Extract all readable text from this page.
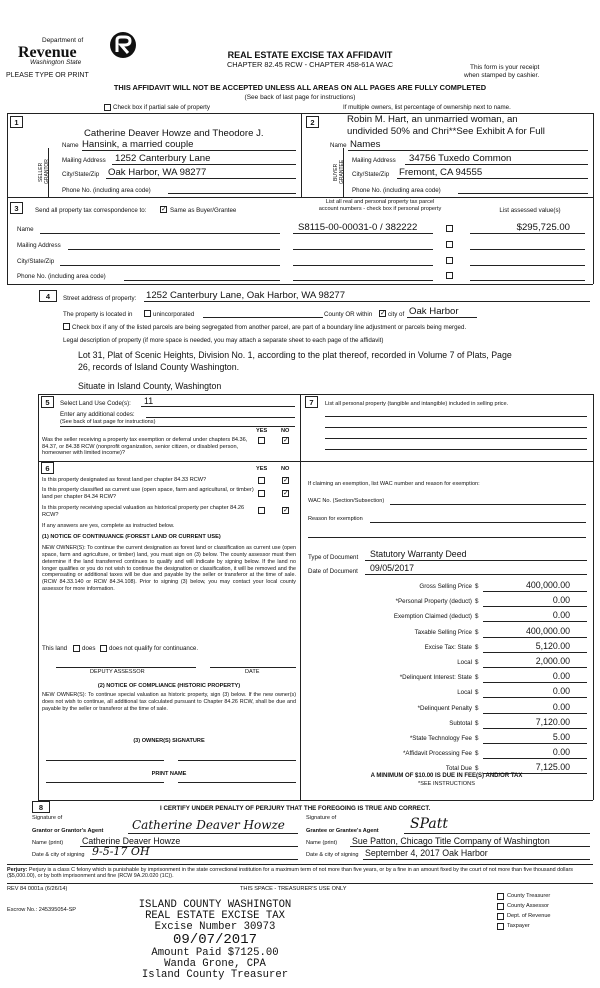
Department of
Revenue
Washington State
PLEASE TYPE OR PRINT
REAL ESTATE EXCISE TAX AFFIDAVIT
CHAPTER 82.45 RCW - CHAPTER 458-61A WAC	This form is your receipt
when stamped by cashier.
THIS AFFIDAVIT WILL NOT BE ACCEPTED UNLESS ALL AREAS ON ALL PAGES ARE FULLY COMPLETED
(See back of last page for instructions)
Check box if partial sale of property	If multiple owners, list percentage of ownership next to name.
1
SELLER GRANTOR
Catherine Deaver Howze and Theodore J.
Name Hansink, a married couple
Mailing Address 1252 Canterbury Lane
City/State/Zip Oak Harbor, WA 98277
Phone No. (including area code)
2
BUYER GRANTEE
Robin M. Hart, an unmarried woman, an
undivided 50% and Chri**See Exhibit A for Full
Name Names
Mailing Address 34756 Tuxedo Common
City/State/Zip Fremont, CA 94555
Phone No. (including area code)
3	Send all property tax correspondence to: ✓ Same as Buyer/Grantee
List all real and personal property tax parcel
account numbers - check box if personal property	List assessed value(s)
Name
Mailing Address
City/State/Zip
Phone No. (including area code)
S8115-00-00031-0 / 382222	$295,725.00
4	Street address of property: 1252 Canterbury Lane, Oak Harbor, WA 98277
The property is located in	unincorporated	County OR within ✓ city of Oak Harbor
Check box if any of the listed parcels are being segregated from another parcel, are part of a boundary line adjustment or parcels being merged.
Legal description of property (if more space is needed, you may attach a separate sheet to each page of the affidavit)
Lot 31, Plat of Scenic Heights, Division No. 1, according to the plat thereof, recorded in Volume 7 of Plats, Page
26, records of Island County Washington.
Situate in Island County, Washington
5	Select Land Use Code(s): 11
Enter any additional codes:
(See back of last page for instructions)
YES NO
Was the seller receiving a property tax exemption or deferral under chapters 84.36, 84.37, or 84.38 RCW (nonprofit organization, senior citizen, or disabled person, homeowner with limited income)?
✓
6	YES NO
Is this property designated as forest land per chapter 84.33 RCW?	✓
Is this property classified as current use (open space, farm and agricultural, or timber) land per chapter 84.34 RCW?	✓
Is this property receiving special valuation as historical property per chapter 84.26 RCW?
✓
If any answers are yes, complete as instructed below.
(1) NOTICE OF CONTINUANCE (FOREST LAND OR CURRENT USE)
NEW OWNER(S): To continue the current designation as forest land or classification as current use (open space, farm and agriculture, or timber) land, you must sign on (3) below. The county assessor must then determine if the land transferred continues to qualify and will indicate by signing below. If the land no longer qualifies or you do not wish to continue the designation or classification, it will be removed and the compensating or additional taxes will be due and payable by the seller or transferor at the time of sale. (RCW 84.33.140 or RCW 84.34.108). Prior to signing (3) below, you may contact your local county assessor for more information.
This land does does not qualify for continuance.
DEPUTY ASSESSOR	DATE
(2) NOTICE OF COMPLIANCE (HISTORIC PROPERTY)
NEW OWNER(S): To continue special valuation as historic property, sign (3) below. If the new owner(s) does not wish to continue, all additional tax calculated pursuant to Chapter 84.26 RCW, shall be due and payable by the seller or transferor at the time of sale.
(3) OWNER(S) SIGNATURE
PRINT NAME
7	List all personal property (tangible and intangible) included in selling price.
If claiming an exemption, list WAC number and reason for exemption:
WAC No. (Section/Subsection)
Reason for exemption
Type of Document Statutory Warranty Deed
Date of Document 09/05/2017
Gross Selling Price $	400,000.00
*Personal Property (deduct) $	0.00
Exemption Claimed (deduct) $	0.00
Taxable Selling Price $	400,000.00
Excise Tax: State $	5,120.00
Local $	2,000.00
*Delinquent Interest: State $	0.00
Local $	0.00
*Delinquent Penalty $	0.00
Subtotal $	7,120.00
*State Technology Fee $	5.00
*Affidavit Processing Fee $	0.00
Total Due $	7,125.00
A MINIMUM OF $10.00 IS DUE IN FEE(S) AND/OR TAX
*SEE INSTRUCTIONS
8	I CERTIFY UNDER PENALTY OF PERJURY THAT THE FOREGOING IS TRUE AND CORRECT.
Signature of
Grantor or Grantor's Agent Catherine Deaver Howze
Name (print) Catherine Deaver Howze
Date & city of signing 9-5-17 OH
Signature of
Grantee or Grantee's Agent SPatt
Name (print) Sue Patton, Chicago Title Company of Washington
Date & city of signing September 4, 2017 Oak Harbor
Perjury: Perjury is a class C felony which is punishable by imprisonment in the state correctional institution for a maximum term of not more than five years, or by a fine in an amount fixed by the court of not more than five thousand dollars ($5,000.00), or by both imprisonment and fine (RCW 9A.20.020 (1C)).
REV 84 0001a (6/26/14)	THIS SPACE - TREASURER'S USE ONLY
Escrow No.: 245395054-SP	ISLAND COUNTY WASHINGTON
REAL ESTATE EXCISE TAX
Excise Number 30973
09/07/2017
Amount Paid $7125.00
Wanda Grone, CPA
Island County Treasurer
County Treasurer
County Assessor
Dept. of Revenue
Taxpayer
